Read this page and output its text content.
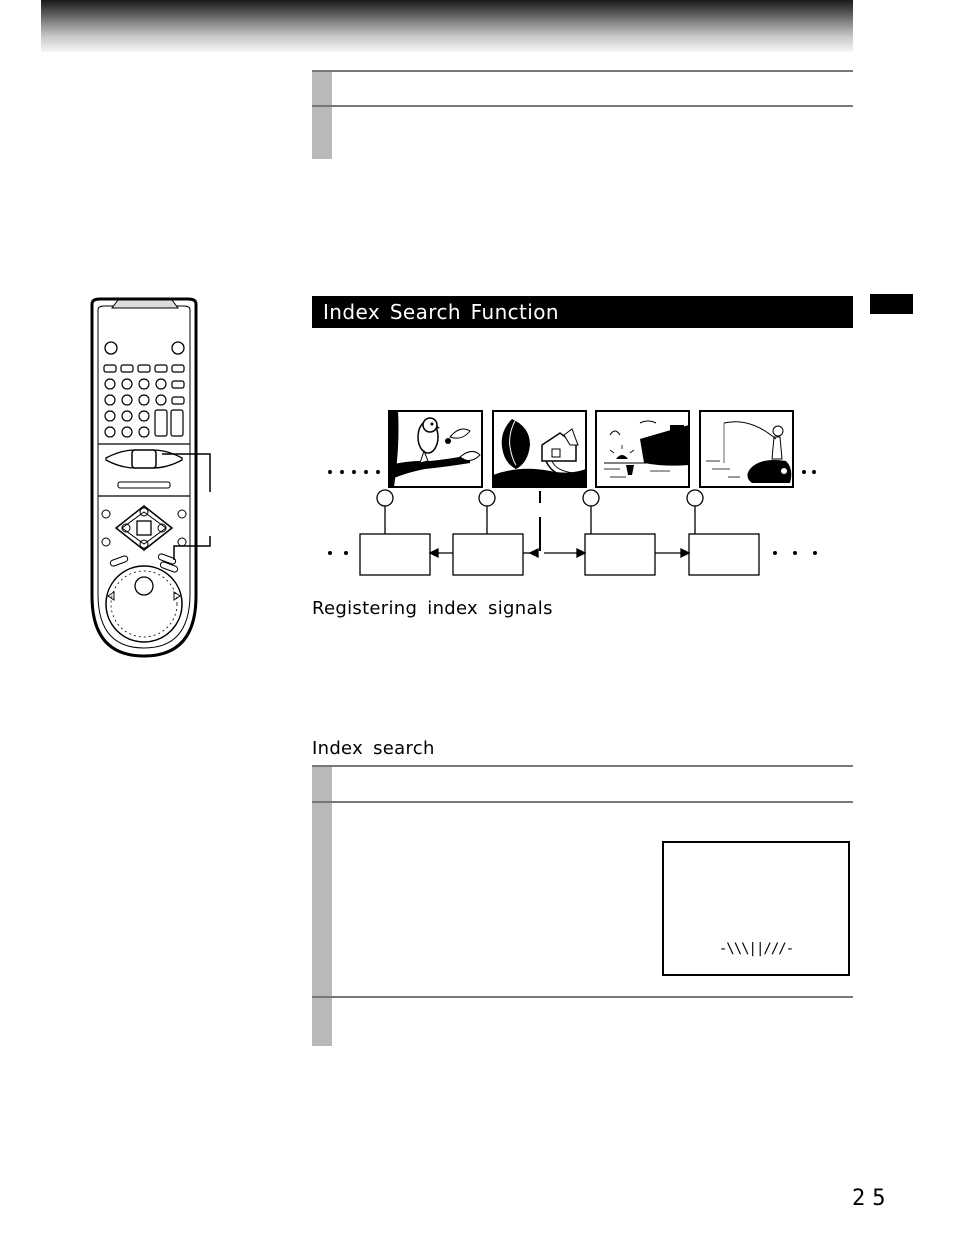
Index Search Function
Registering index signals
Index search
-\\\||///-
25
